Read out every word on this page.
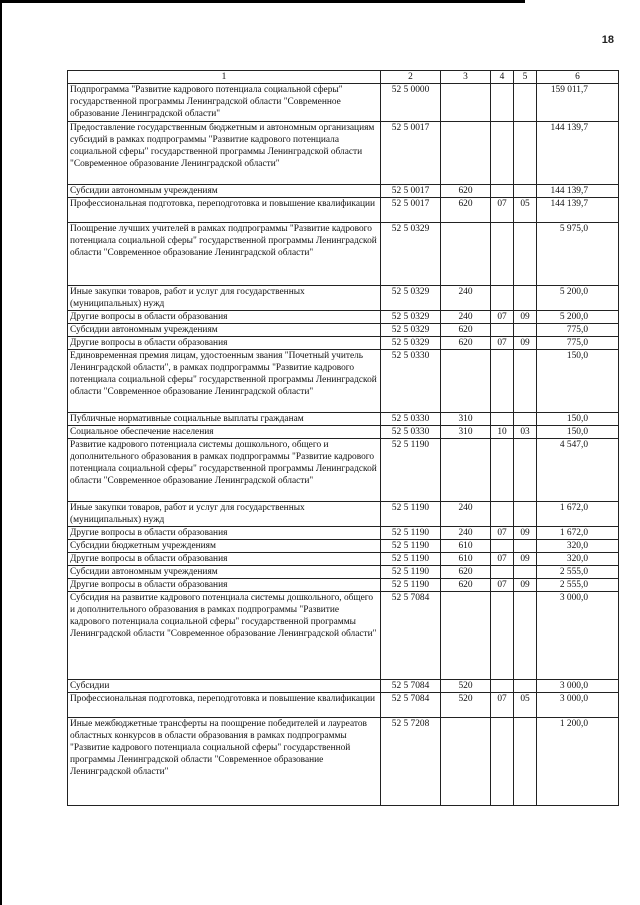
18
1	2	3	4	5	6
Подпрограмма "Развитие кадрового потенциала социальной сферы" государственной программы Ленинградской области "Современное образование Ленинградской области"	52 5 0000				159 011,7
Предоставление государственным бюджетным и автономным организациям субсидий в рамках подпрограммы "Развитие кадрового потенциала социальной сферы" государственной программы Ленинградской области "Современное образование Ленинградской области"	52 5 0017				144 139,7
Субсидии автономным учреждениям	52 5 0017	620			144 139,7
Профессиональная подготовка, переподготовка и повышение квалификации	52 5 0017	620	07	05	144 139,7
Поощрение лучших учителей в рамках подпрограммы "Развитие кадрового потенциала социальной сферы" государственной программы Ленинградской области "Современное образование Ленинградской области"	52 5 0329				5 975,0
Иные закупки товаров, работ и услуг для государственных (муниципальных) нужд	52 5 0329	240			5 200,0
Другие вопросы в области образования	52 5 0329	240	07	09	5 200,0
Субсидии автономным учреждениям	52 5 0329	620			775,0
Другие вопросы в области образования	52 5 0329	620	07	09	775,0
Единовременная премия лицам, удостоенным звания "Почетный учитель Ленинградской области", в рамках подпрограммы "Развитие кадрового потенциала социальной сферы" государственной программы Ленинградской области "Современное образование Ленинградской области"	52 5 0330				150,0
Публичные нормативные социальные выплаты гражданам	52 5 0330	310			150,0
Социальное обеспечение населения	52 5 0330	310	10	03	150,0
Развитие кадрового потенциала системы дошкольного, общего и дополнительного образования в рамках подпрограммы "Развитие кадрового потенциала социальной сферы" государственной программы Ленинградской области "Современное образование Ленинградской области"	52 5 1190				4 547,0
Иные закупки товаров, работ и услуг для государственных (муниципальных) нужд	52 5 1190	240			1 672,0
Другие вопросы в области образования	52 5 1190	240	07	09	1 672,0
Субсидии бюджетным учреждениям	52 5 1190	610			320,0
Другие вопросы в области образования	52 5 1190	610	07	09	320,0
Субсидии автономным учреждениям	52 5 1190	620			2 555,0
Другие вопросы в области образования	52 5 1190	620	07	09	2 555,0
Субсидия на развитие кадрового потенциала системы дошкольного, общего и дополнительного образования в рамках подпрограммы "Развитие кадрового потенциала социальной сферы" государственной программы Ленинградской области "Современное образование Ленинградской области"	52 5 7084				3 000,0
Субсидии	52 5 7084	520			3 000,0
Профессиональная подготовка, переподготовка и повышение квалификации	52 5 7084	520	07	05	3 000,0
Иные межбюджетные трансферты на поощрение победителей и лауреатов областных конкурсов в области образования в рамках подпрограммы "Развитие кадрового потенциала социальной сферы" государственной программы Ленинградской области "Современное образование Ленинградской области"	52 5 7208				1 200,0
